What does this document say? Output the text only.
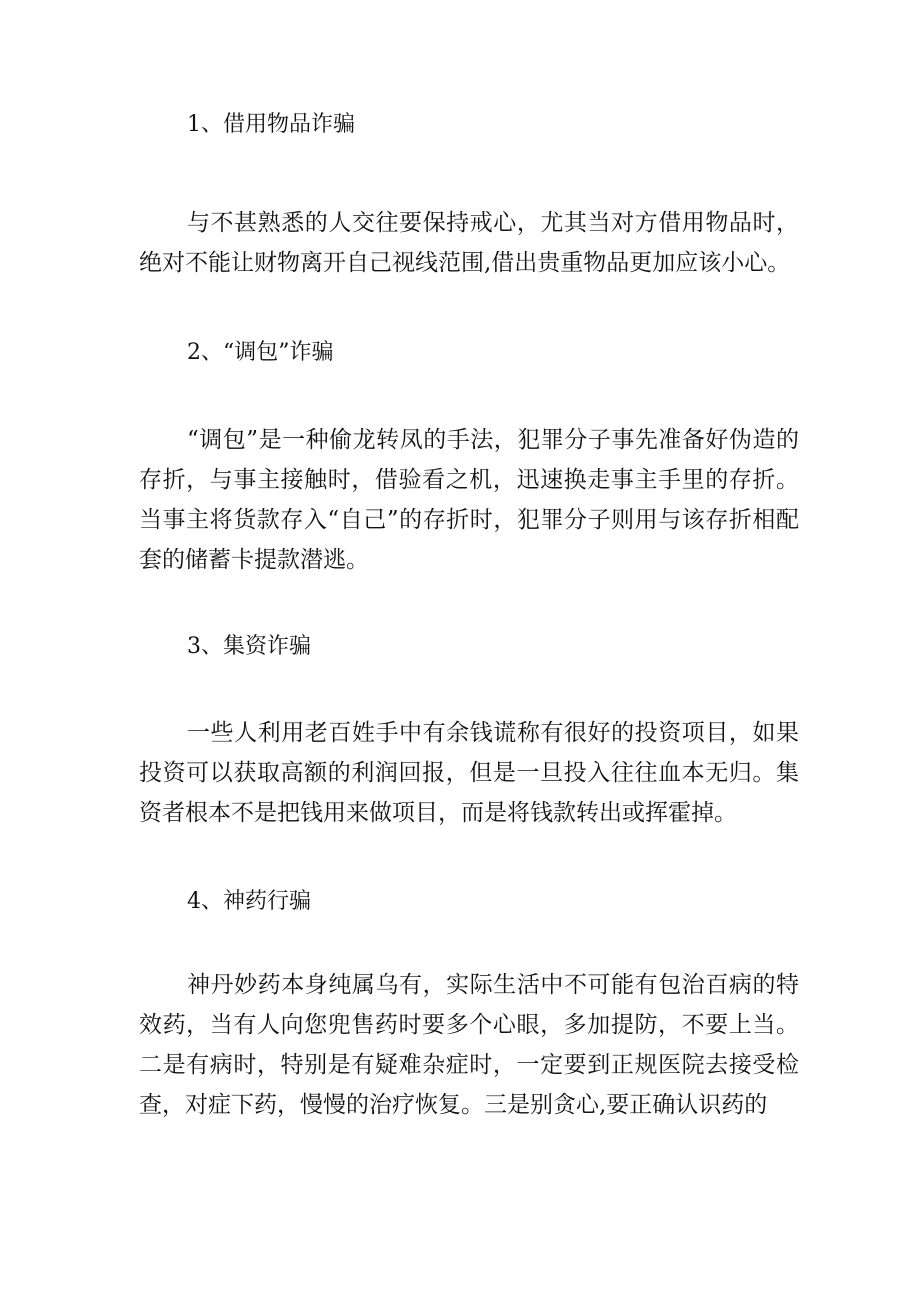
1、借用物品诈骗

与不甚熟悉的人交往要保持戒心，尤其当对方借用物品时，绝对不能让财物离开自己视线范围,借出贵重物品更加应该小心。

2、“调包”诈骗

“调包”是一种偷龙转凤的手法，犯罪分子事先准备好伪造的存折，与事主接触时，借验看之机，迅速换走事主手里的存折。当事主将货款存入“自己”的存折时，犯罪分子则用与该存折相配套的储蓄卡提款潜逃。

3、集资诈骗

一些人利用老百姓手中有余钱谎称有很好的投资项目，如果投资可以获取高额的利润回报，但是一旦投入往往血本无归。集资者根本不是把钱用来做项目，而是将钱款转出或挥霍掉。

4、神药行骗

神丹妙药本身纯属乌有，实际生活中不可能有包治百病的特效药，当有人向您兜售药时要多个心眼，多加提防，不要上当。二是有病时，特别是有疑难杂症时，一定要到正规医院去接受检查，对症下药，慢慢的治疗恢复。三是别贪心,要正确认识药的
